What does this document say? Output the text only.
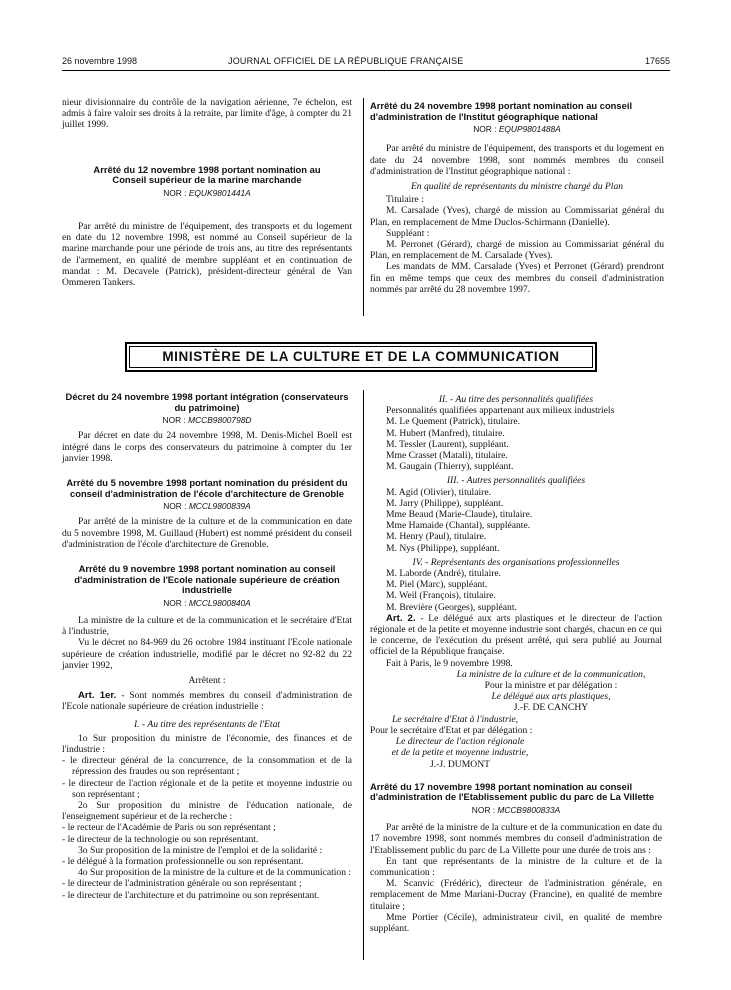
26 novembre 1998	JOURNAL OFFICIEL DE LA RÉPUBLIQUE FRANÇAISE	17655

nieur divisionnaire du contrôle de la navigation aérienne, 7e échelon, est admis à faire valoir ses droits à la retraite, par limite d'âge, à compter du 21 juillet 1999.

Arrêté du 12 novembre 1998 portant nomination au Conseil supérieur de la marine marchande
NOR : EQUK9801441A

Par arrêté du ministre de l'équipement, des transports et du logement en date du 12 novembre 1998, est nommé au Conseil supérieur de la marine marchande pour une période de trois ans, au titre des représentants de l'armement, en qualité de membre suppléant et en continuation de mandat : M. Decavele (Patrick), président-directeur général de Van Ommeren Tankers.

Arrêté du 24 novembre 1998 portant nomination au conseil d'administration de l'Institut géographique national
NOR : EQUP9801488A

Par arrêté du ministre de l'équipement, des transports et du logement en date du 24 novembre 1998, sont nommés membres du conseil d'administration de l'Institut géographique national :

En qualité de représentants du ministre chargé du Plan

Titulaire :

M. Carsalade (Yves), chargé de mission au Commissariat général du Plan, en remplacement de Mme Duclos-Schirmann (Danielle).

Suppléant :

M. Perronet (Gérard), chargé de mission au Commissariat général du Plan, en remplacement de M. Carsalade (Yves).

Les mandats de MM. Carsalade (Yves) et Perronet (Gérard) prendront fin en même temps que ceux des membres du conseil d'administration nommés par arrêté du 28 novembre 1997.

MINISTÈRE DE LA CULTURE ET DE LA COMMUNICATION
Décret du 24 novembre 1998 portant intégration (conservateurs du patrimoine)
NOR : MCCB9800798D

Par décret en date du 24 novembre 1998, M. Denis-Michel Boell est intégré dans le corps des conservateurs du patrimoine à compter du 1er janvier 1998.

Arrêté du 5 novembre 1998 portant nomination du président du conseil d'administration de l'école d'architecture de Grenoble
NOR : MCCL9800839A

Par arrêté de la ministre de la culture et de la communication en date du 5 novembre 1998, M. Guillaud (Hubert) est nommé président du conseil d'administration de l'école d'architecture de Grenoble.

Arrêté du 9 novembre 1998 portant nomination au conseil d'administration de l'Ecole nationale supérieure de création industrielle
NOR : MCCL9800840A

La ministre de la culture et de la communication et le secrétaire d'Etat à l'industrie,

Vu le décret no 84-969 du 26 octobre 1984 instituant l'Ecole nationale supérieure de création industrielle, modifié par le décret no 92-82 du 22 janvier 1992,

Arrêtent :

Art. 1er. - Sont nommés membres du conseil d'administration de l'Ecole nationale supérieure de création industrielle :

I. - Au titre des représentants de l'Etat

1o Sur proposition du ministre de l'économie, des finances et de l'industrie :

- le directeur général de la concurrence, de la consommation et de la répression des fraudes ou son représentant ;

- le directeur de l'action régionale et de la petite et moyenne industrie ou son représentant ;

2o Sur proposition du ministre de l'éducation nationale, de l'enseignement supérieur et de la recherche :

- le recteur de l'Académie de Paris ou son représentant ;

- le directeur de la technologie ou son représentant.

3o Sur proposition de la ministre de l'emploi et de la solidarité :

- le délégué à la formation professionnelle ou son représentant.

4o Sur proposition de la ministre de la culture et de la communication :

- le directeur de l'administration générale ou son représentant ;

- le directeur de l'architecture et du patrimoine ou son représentant.

II. - Au titre des personnalités qualifiées

Personnalités qualifiées appartenant aux milieux industriels

M. Le Quement (Patrick), titulaire.

M. Hubert (Manfred), titulaire.

M. Tessler (Laurent), suppléant.

Mme Crasset (Matali), titulaire.

M. Gaugain (Thierry), suppléant.

III. - Autres personnalités qualifiées

M. Agid (Olivier), titulaire.

M. Jarry (Philippe), suppléant.

Mme Beaud (Marie-Claude), titulaire.

Mme Hamaide (Chantal), suppléante.

M. Henry (Paul), titulaire.

M. Nys (Philippe), suppléant.

IV. - Représentants des organisations professionnelles

M. Laborde (André), titulaire.

M. Piel (Marc), suppléant.

M. Weil (François), titulaire.

M. Brevière (Georges), suppléant.

Art. 2. - Le délégué aux arts plastiques et le directeur de l'action régionale et de la petite et moyenne industrie sont chargés, chacun en ce qui le concerne, de l'exécution du présent arrêté, qui sera publié au Journal officiel de la République française.

Fait à Paris, le 9 novembre 1998.

La ministre de la culture et de la communication,

Pour la ministre et par délégation :

Le délégué aux arts plastiques,

J.-F. DE CANCHY

Le secrétaire d'Etat à l'industrie,

Pour le secrétaire d'Etat et par délégation :

Le directeur de l'action régionale

et de la petite et moyenne industrie,

J.-J. DUMONT

Arrêté du 17 novembre 1998 portant nomination au conseil d'administration de l'Etablissement public du parc de La Villette
NOR : MCCB9800833A

Par arrêté de la ministre de la culture et de la communication en date du 17 novembre 1998, sont nommés membres du conseil d'administration de l'Etablissement public du parc de La Villette pour une durée de trois ans :

En tant que représentants de la ministre de la culture et de la communication :

M. Scanvic (Frédéric), directeur de l'administration générale, en remplacement de Mme Mariani-Ducray (Francine), en qualité de membre titulaire ;

Mme Portier (Cécile), administrateur civil, en qualité de membre suppléant.
